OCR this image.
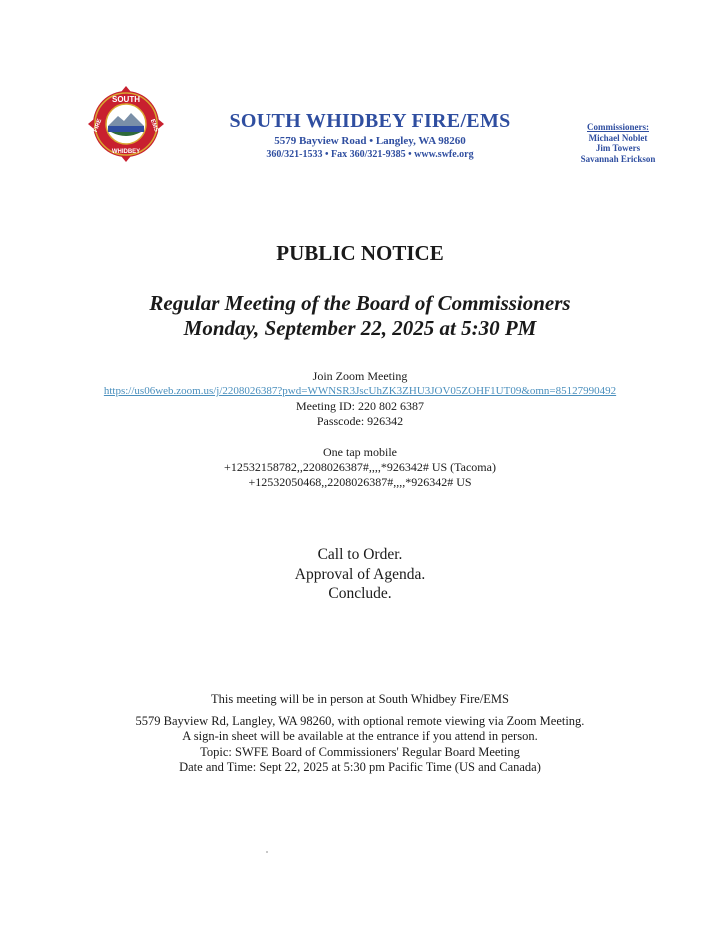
SOUTH
WHIDBEY
FIRE	EMS	SOUTH WHIDBEY FIRE/EMS
5579 Bayview Road • Langley, WA 98260
360/321-1533 • Fax 360/321-9385 • www.swfe.org
Commissioners:
Michael Noblet
Jim Towers
Savannah Erickson
PUBLIC NOTICE
Regular Meeting of the Board of Commissioners
Monday, September 22, 2025 at 5:30 PM
Join Zoom Meeting
https://us06web.zoom.us/j/2208026387?pwd=WWNSR3JscUhZK3ZHU3JOV05ZOHF1UT09&omn=85127990492
Meeting ID: 220 802 6387
Passcode: 926342
One tap mobile
+12532158782,,2208026387#,,,,*926342# US (Tacoma)
+12532050468,,2208026387#,,,,*926342# US
Call to Order.
Approval of Agenda.
Conclude.
This meeting will be in person at South Whidbey Fire/EMS
5579 Bayview Rd, Langley, WA 98260, with optional remote viewing via Zoom Meeting.
A sign-in sheet will be available at the entrance if you attend in person.
Topic: SWFE Board of Commissioners' Regular Board Meeting
Date and Time: Sept 22, 2025 at 5:30 pm Pacific Time (US and Canada)
